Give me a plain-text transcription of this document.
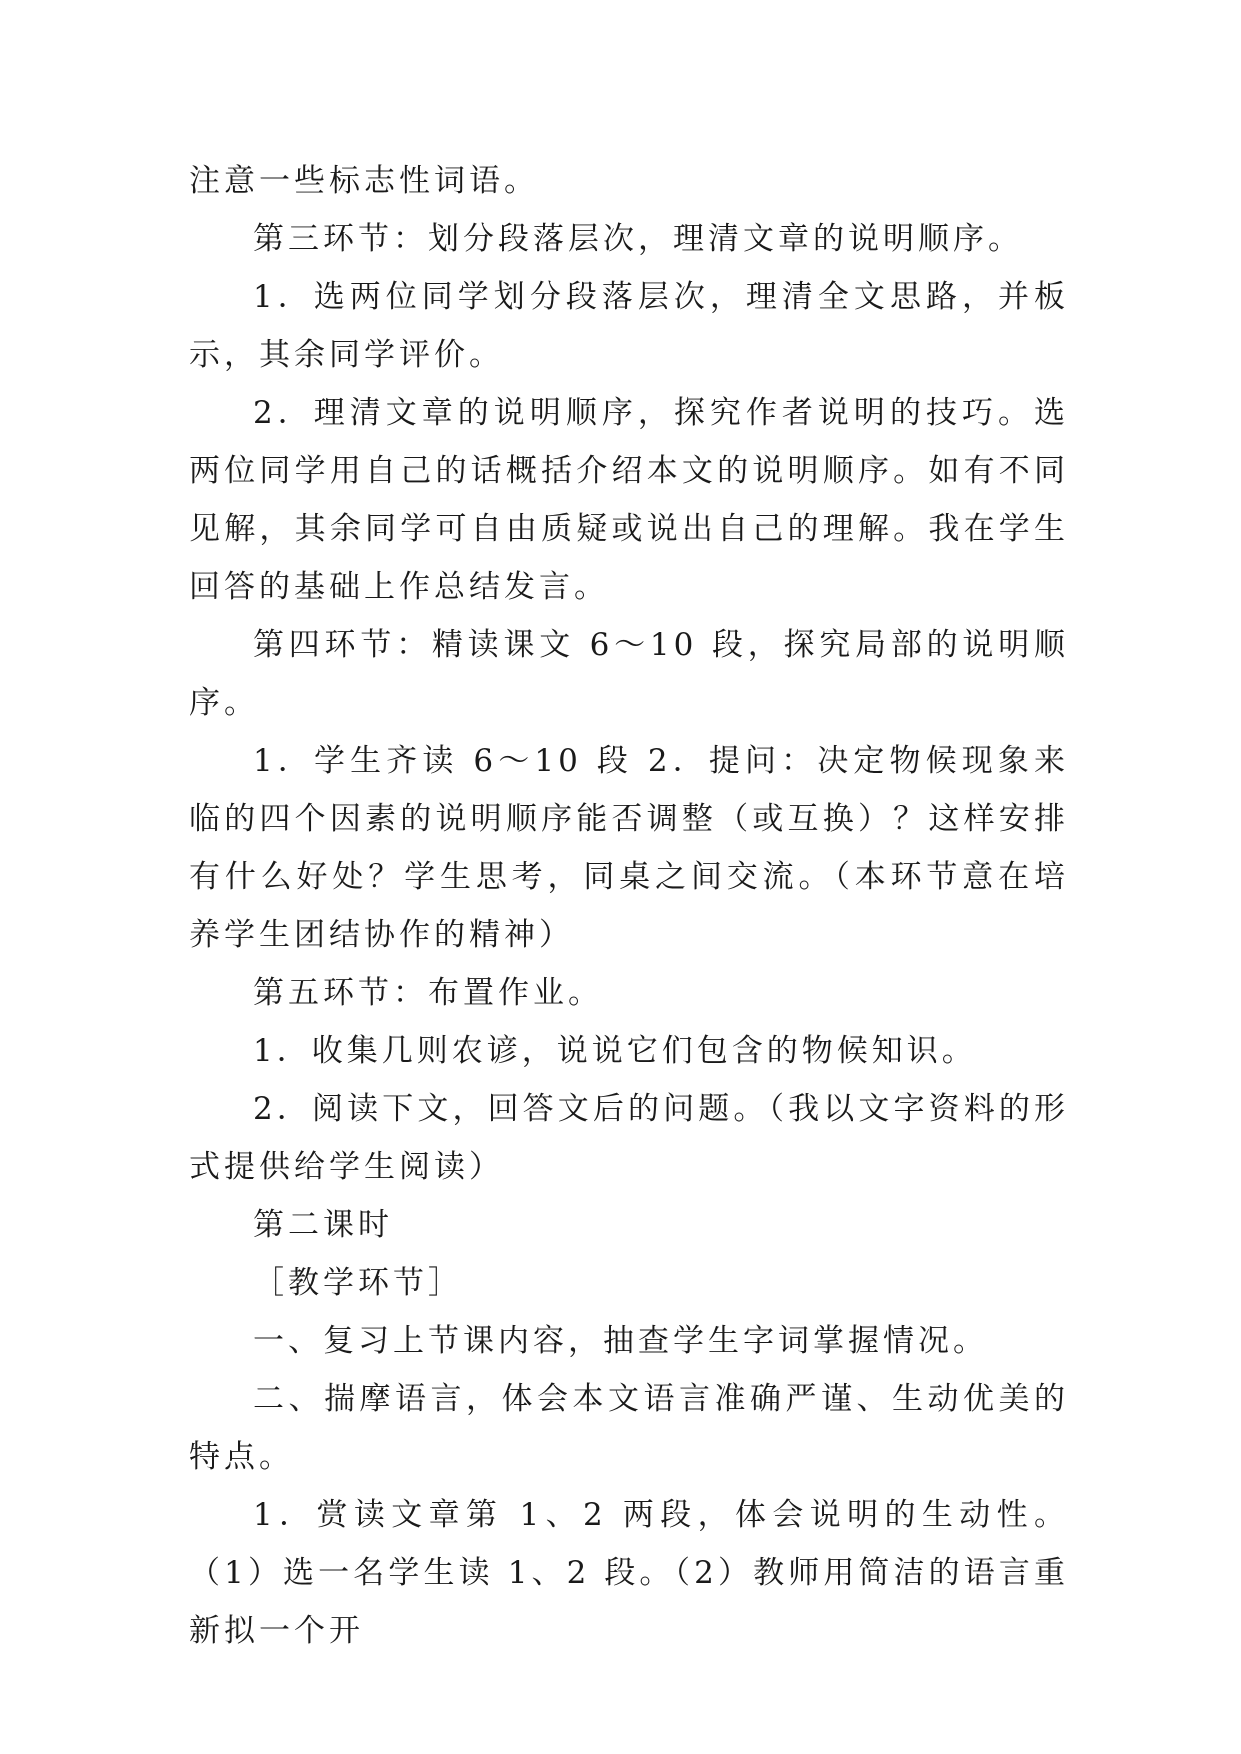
注意一些标志性词语。

第三环节：划分段落层次，理清文章的说明顺序。

1．选两位同学划分段落层次，理清全文思路，并板示，其余同学评价。

2．理清文章的说明顺序，探究作者说明的技巧。选两位同学用自己的话概括介绍本文的说明顺序。如有不同见解，其余同学可自由质疑或说出自己的理解。我在学生回答的基础上作总结发言。

第四环节：精读课文 6～10 段，探究局部的说明顺序。

1．学生齐读 6～10 段 2．提问：决定物候现象来临的四个因素的说明顺序能否调整（或互换）？这样安排有什么好处？学生思考，同桌之间交流。（本环节意在培养学生团结协作的精神）

第五环节：布置作业。

1．收集几则农谚，说说它们包含的物候知识。

2．阅读下文，回答文后的问题。（我以文字资料的形式提供给学生阅读）

第二课时

［教学环节］

一、复习上节课内容，抽查学生字词掌握情况。

二、揣摩语言，体会本文语言准确严谨、生动优美的特点。

1．赏读文章第 1、2 两段，体会说明的生动性。（1）选一名学生读 1、2 段。（2）教师用简洁的语言重新拟一个开
